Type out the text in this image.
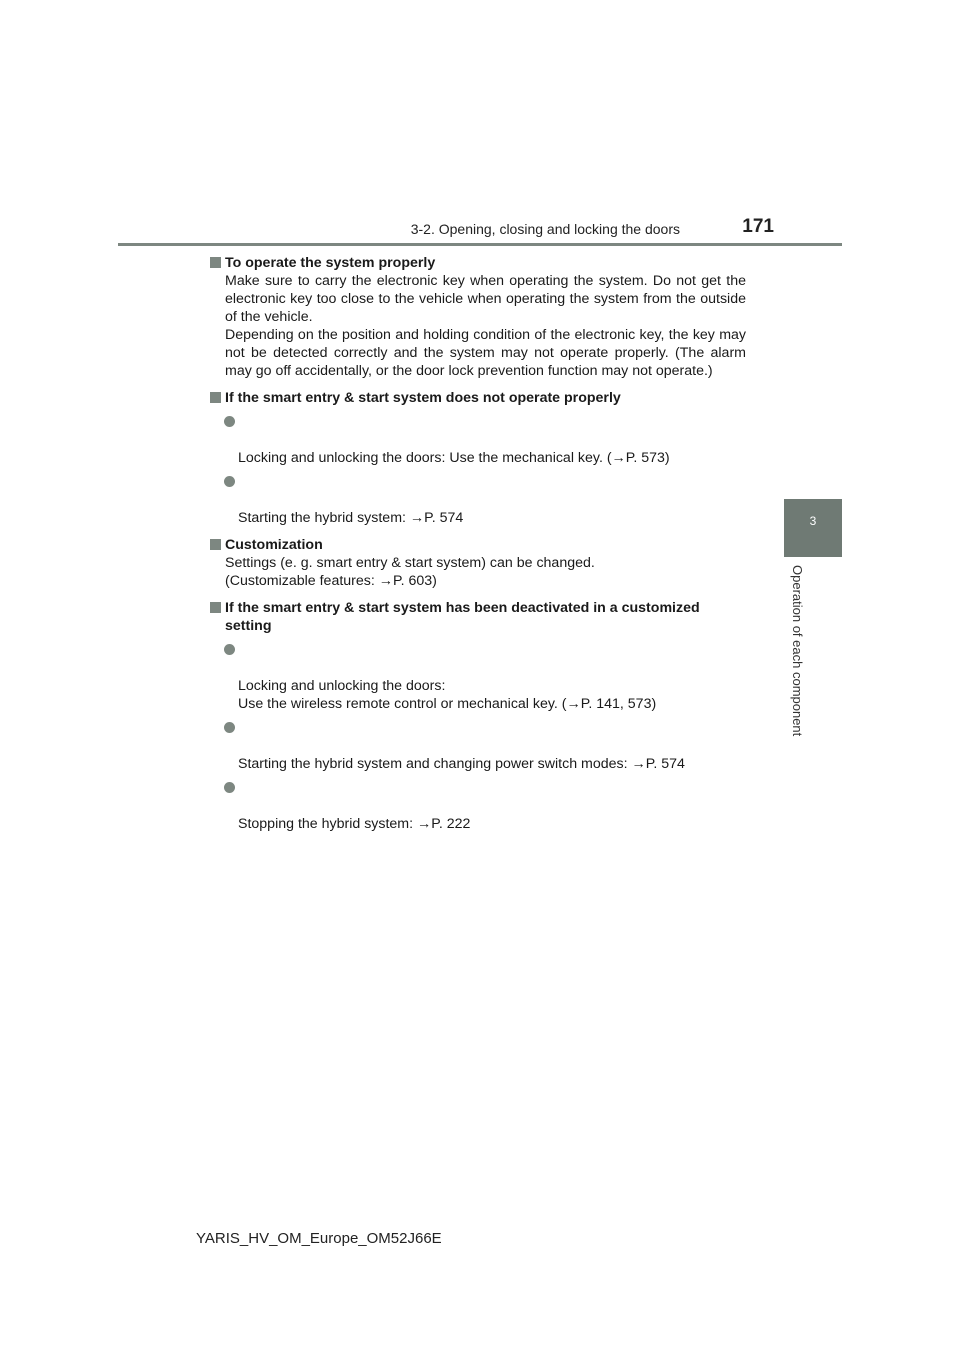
3-2. Opening, closing and locking the doors	171
3
Operation of each component
To operate the system properly
Make sure to carry the electronic key when operating the system. Do not get the electronic key too close to the vehicle when operating the system from the outside of the vehicle.
Depending on the position and holding condition of the electronic key, the key may not be detected correctly and the system may not operate properly. (The alarm may go off accidentally, or the door lock prevention function may not operate.)
If the smart entry & start system does not operate properly

Locking and unlocking the doors: Use the mechanical key. (→P. 573)

Starting the hybrid system: →P. 574

Customization
Settings (e. g. smart entry & start system) can be changed.
(Customizable features: →P. 603)
If the smart entry & start system has been deactivated in a customized setting

Locking and unlocking the doors:
Use the wireless remote control or mechanical key. (→P. 141, 573)

Starting the hybrid system and changing power switch modes: →P. 574

Stopping the hybrid system: →P. 222

YARIS_HV_OM_Europe_OM52J66E
